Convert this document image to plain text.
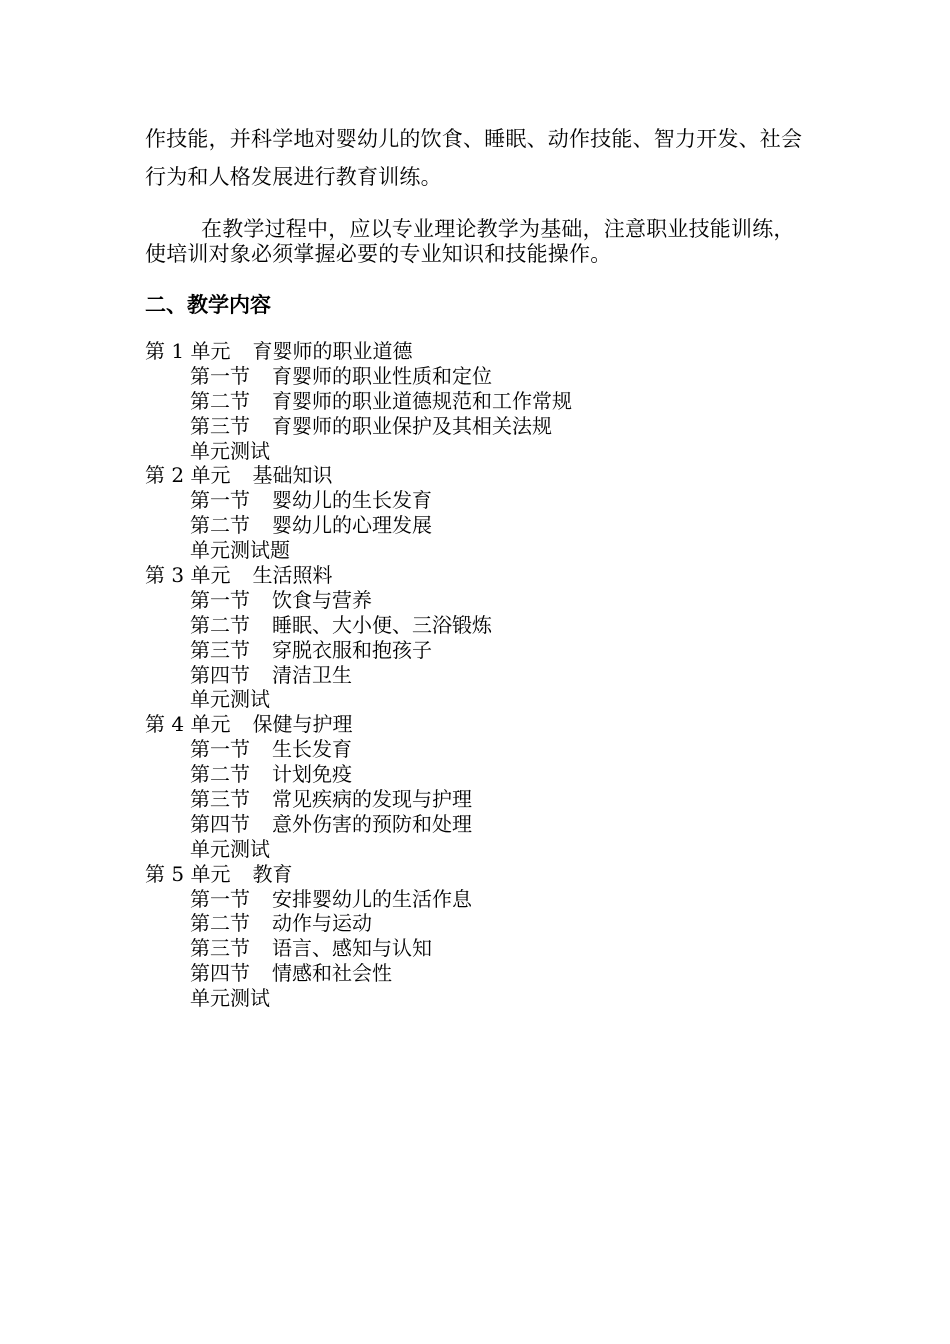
作技能，并科学地对婴幼儿的饮食、睡眠、动作技能、智力开发、社会
行为和人格发展进行教育训练。
在教学过程中，应以专业理论教学为基础，注意职业技能训练，
使培训对象必须掌握必要的专业知识和技能操作。
二、教学内容
第 1 单元 育婴师的职业道德
第一节 育婴师的职业性质和定位
第二节 育婴师的职业道德规范和工作常规
第三节 育婴师的职业保护及其相关法规
单元测试
第 2 单元 基础知识
第一节 婴幼儿的生长发育
第二节 婴幼儿的心理发展
单元测试题
第 3 单元 生活照料
第一节 饮食与营养
第二节 睡眠、大小便、三浴锻炼
第三节 穿脱衣服和抱孩子
第四节 清洁卫生
单元测试
第 4 单元 保健与护理
第一节 生长发育
第二节 计划免疫
第三节 常见疾病的发现与护理
第四节 意外伤害的预防和处理
单元测试
第 5 单元 教育
第一节 安排婴幼儿的生活作息
第二节 动作与运动
第三节 语言、感知与认知
第四节 情感和社会性
单元测试
